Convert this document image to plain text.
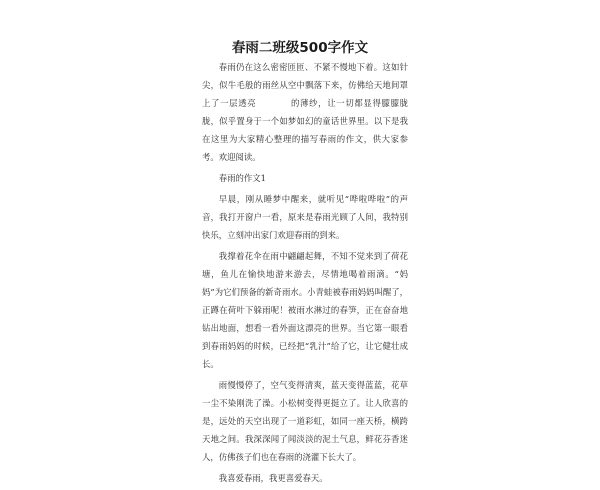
春雨二班级500字作文

春雨仍在这么密密匝匝、不紧不慢地下着。这如针尖，似牛毛般的雨丝从空中飘落下来，仿佛给天地间罩上了一层透亮	的薄纱，让一切都显得朦朦胧胧，似乎置身于一个如梦如幻的童话世界里。以下是我在这里为大家精心整理的描写春雨的作文，供大家参考。欢迎阅读。

春雨的作文1

早晨，刚从睡梦中醒来，就听见“哗啦哗啦”的声音，我打开窗户一看，原来是春雨光顾了人间，我特别快乐，立刻冲出家门欢迎春雨的到来。

我撑着花伞在雨中翩翩起舞，不知不觉来到了荷花塘，鱼儿在愉快地游来游去，尽情地喝着雨滴。“妈妈”为它们预备的新奇雨水。小青蛙被春雨妈妈叫醒了，正蹲在荷叶下躲雨呢！被雨水淋过的春笋，正在奋奋地钻出地面，想看一看外面这漂亮的世界。当它第一眼看到春雨妈妈的时候，已经把“乳汁”给了它，让它健壮成长。

雨慢慢停了，空气变得清爽，蓝天变得蓝蓝，花草一尘不染刚洗了澡。小松树变得更挺立了。让人欣喜的是，远处的天空出现了一道彩虹，如同一座天桥，横跨天地之间。我深深闻了闻淡淡的泥土气息，鲜花芬香迷人，仿佛孩子们也在春雨的浇灌下长大了。

我喜爱春雨，我更喜爱春天。
